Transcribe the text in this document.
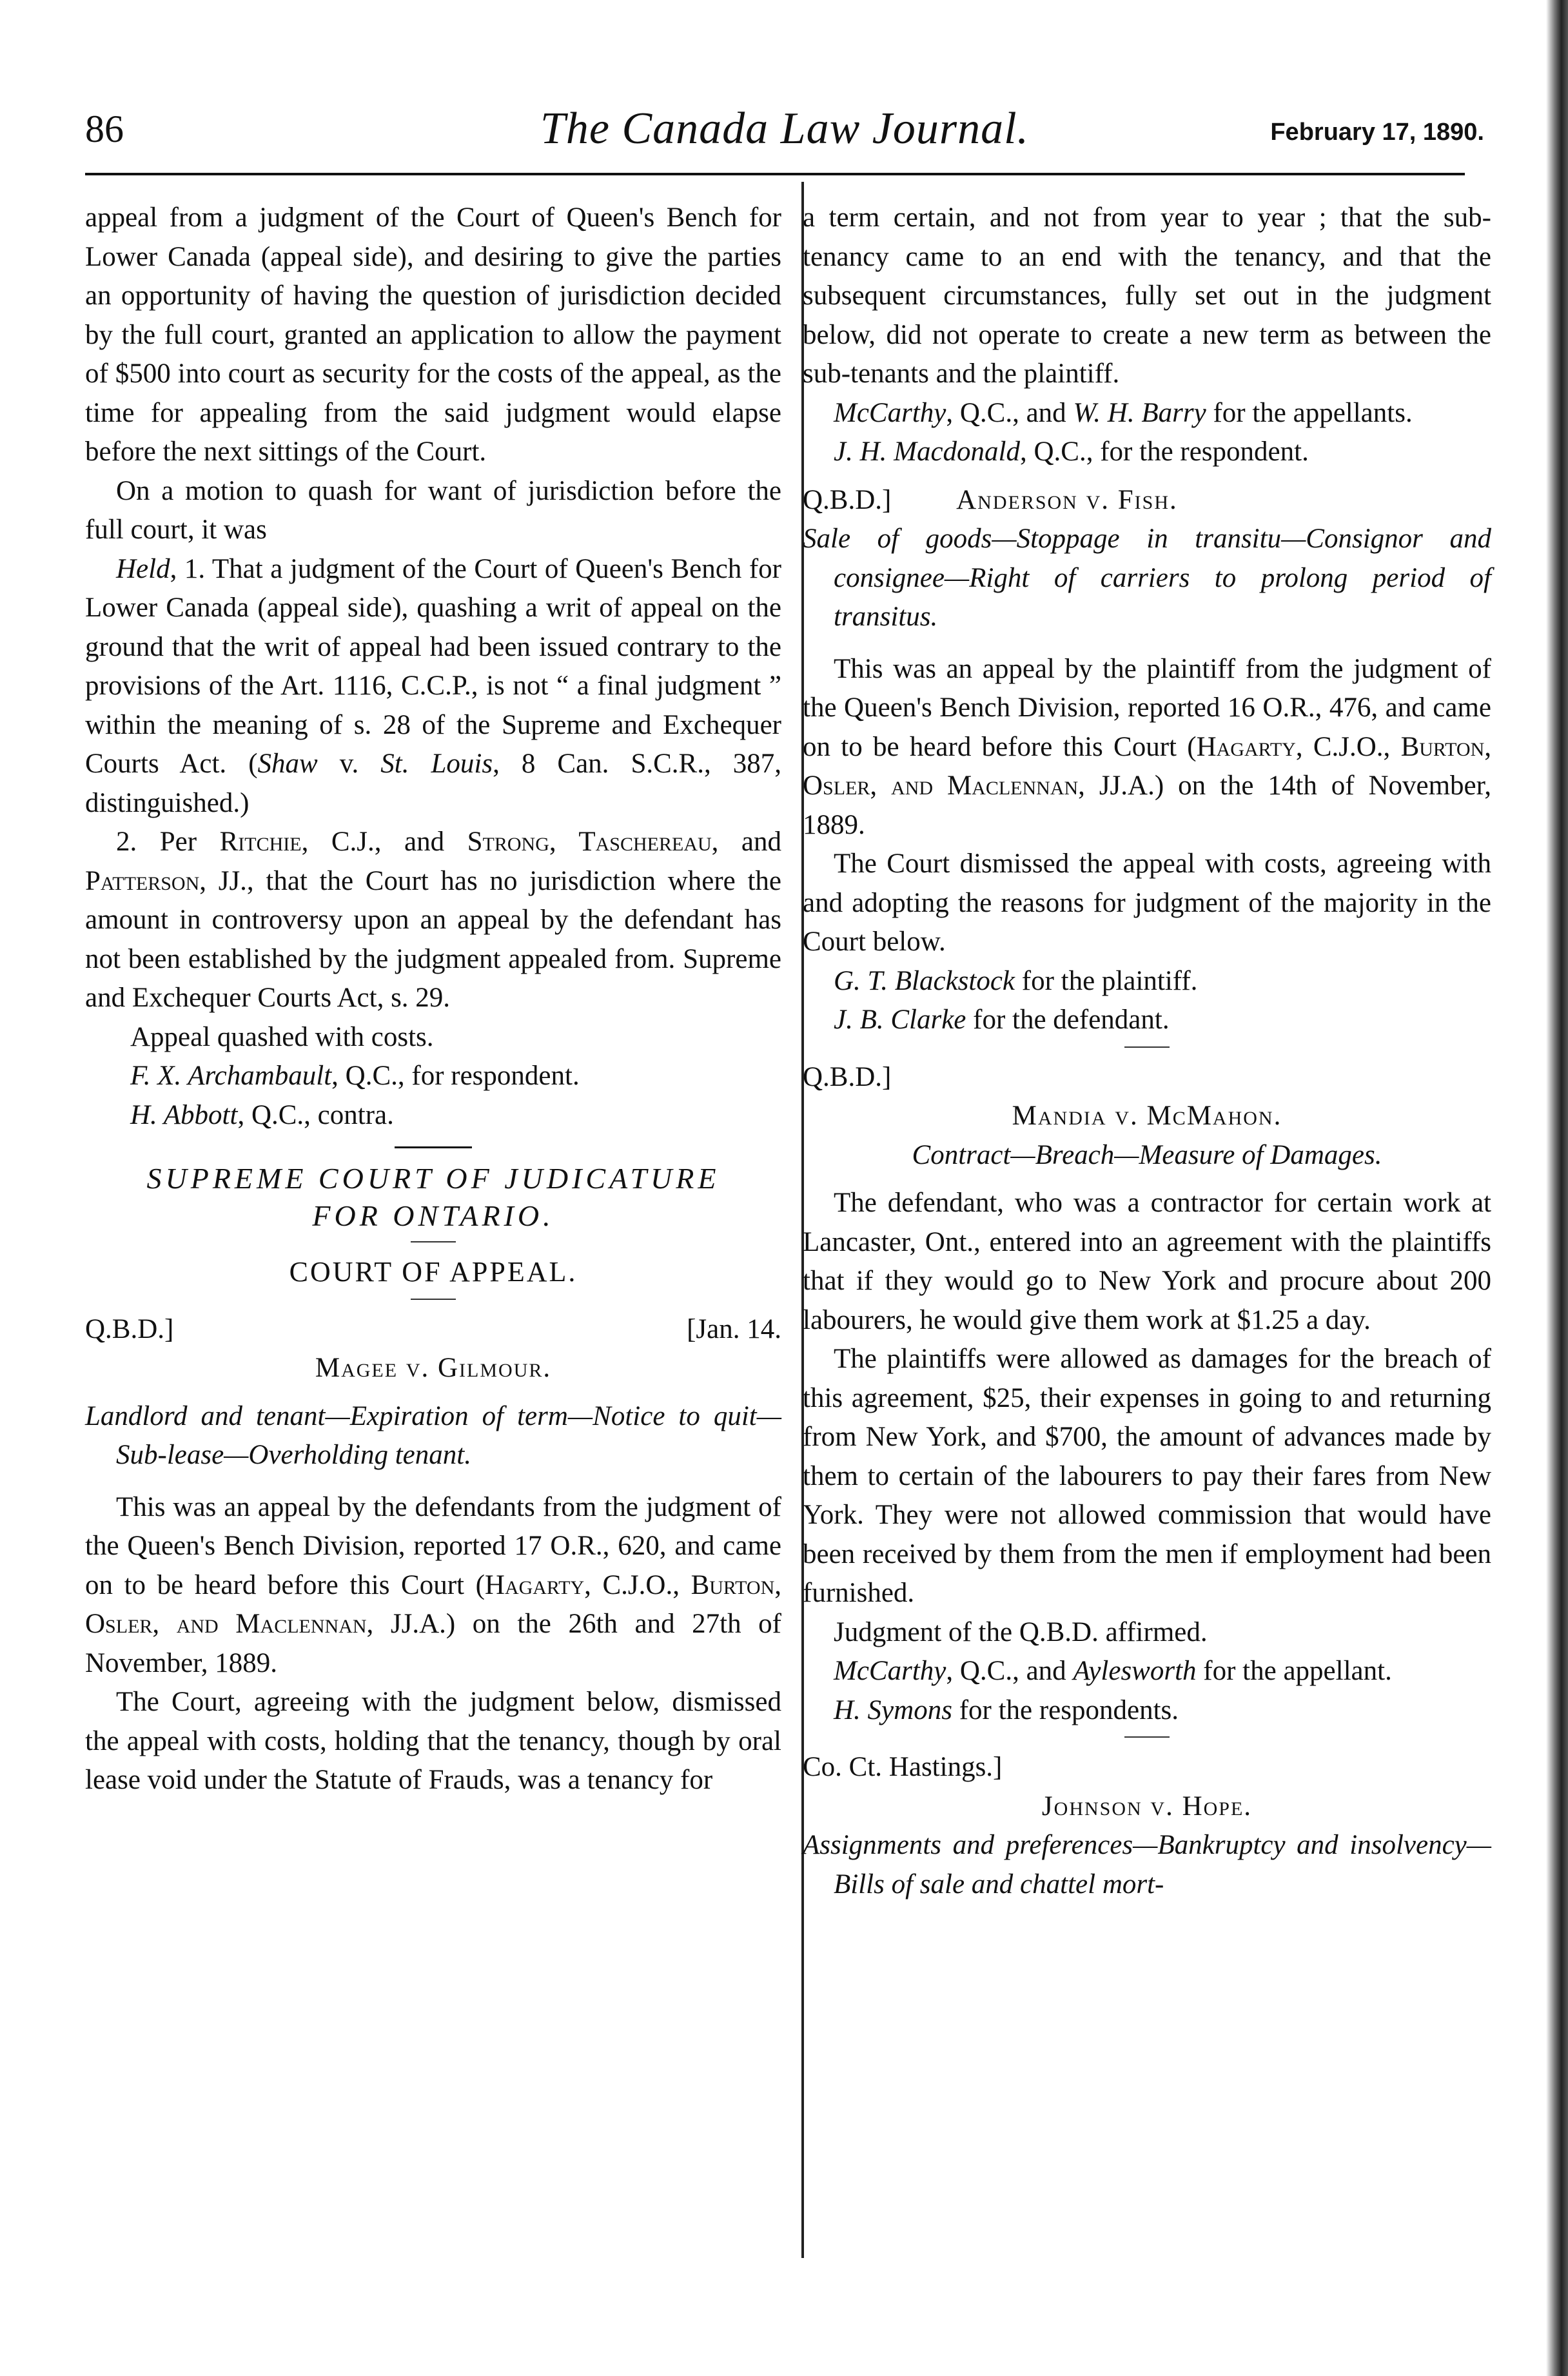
86	The Canada Law Journal.	February 17, 1890.

appeal from a judgment of the Court of Queen's Bench for Lower Canada (appeal side), and desiring to give the parties an opportunity of having the question of jurisdiction decided by the full court, granted an application to allow the payment of $500 into court as security for the costs of the appeal, as the time for appealing from the said judgment would elapse before the next sittings of the Court.

On a motion to quash for want of jurisdiction before the full court, it was

Held, 1. That a judgment of the Court of Queen's Bench for Lower Canada (appeal side), quashing a writ of appeal on the ground that the writ of appeal had been issued contrary to the provisions of the Art. 1116, C.C.P., is not “ a final judgment ” within the meaning of s. 28 of the Supreme and Exchequer Courts Act. (Shaw v. St. Louis, 8 Can. S.C.R., 387, distinguished.)

2. Per Ritchie, C.J., and Strong, Taschereau, and Patterson, JJ., that the Court has no jurisdiction where the amount in controversy upon an appeal by the defendant has not been established by the judgment appealed from. Supreme and Exchequer Courts Act, s. 29.

Appeal quashed with costs.

F. X. Archambault, Q.C., for respondent.

H. Abbott, Q.C., contra.

SUPREME COURT OF JUDICATURE
FOR ONTARIO.
COURT OF APPEAL.
Q.B.D.]	[Jan. 14.
Magee v. Gilmour.

Landlord and tenant—Expiration of term—Notice to quit—Sub-lease—Overholding tenant.

This was an appeal by the defendants from the judgment of the Queen's Bench Division, reported 17 O.R., 620, and came on to be heard before this Court (Hagarty, C.J.O., Burton, Osler, and Maclennan, JJ.A.) on the 26th and 27th of November, 1889.

The Court, agreeing with the judgment below, dismissed the appeal with costs, holding that the tenancy, though by oral lease void under the Statute of Frauds, was a tenancy for

a term certain, and not from year to year ; that the sub-tenancy came to an end with the tenancy, and that the subsequent circumstances, fully set out in the judgment below, did not operate to create a new term as between the sub-tenants and the plaintiff.

McCarthy, Q.C., and W. H. Barry for the appellants.

J. H. Macdonald, Q.C., for the respondent.

Q.B.D.] Anderson v. Fish.

Sale of goods—Stoppage in transitu—Consignor and consignee—Right of carriers to prolong period of transitus.

This was an appeal by the plaintiff from the judgment of the Queen's Bench Division, reported 16 O.R., 476, and came on to be heard before this Court (Hagarty, C.J.O., Burton, Osler, and Maclennan, JJ.A.) on the 14th of November, 1889.

The Court dismissed the appeal with costs, agreeing with and adopting the reasons for judgment of the majority in the Court below.

G. T. Blackstock for the plaintiff.

J. B. Clarke for the defendant.

Q.B.D.]
Mandia v. McMahon.

Contract—Breach—Measure of Damages.

The defendant, who was a contractor for certain work at Lancaster, Ont., entered into an agreement with the plaintiffs that if they would go to New York and procure about 200 labourers, he would give them work at $1.25 a day.

The plaintiffs were allowed as damages for the breach of this agreement, $25, their expenses in going to and returning from New York, and $700, the amount of advances made by them to certain of the labourers to pay their fares from New York. They were not allowed commission that would have been received by them from the men if employment had been furnished.

Judgment of the Q.B.D. affirmed.

McCarthy, Q.C., and Aylesworth for the appellant.

H. Symons for the respondents.

Co. Ct. Hastings.]
Johnson v. Hope.

Assignments and preferences—Bankruptcy and insolvency—Bills of sale and chattel mort-
